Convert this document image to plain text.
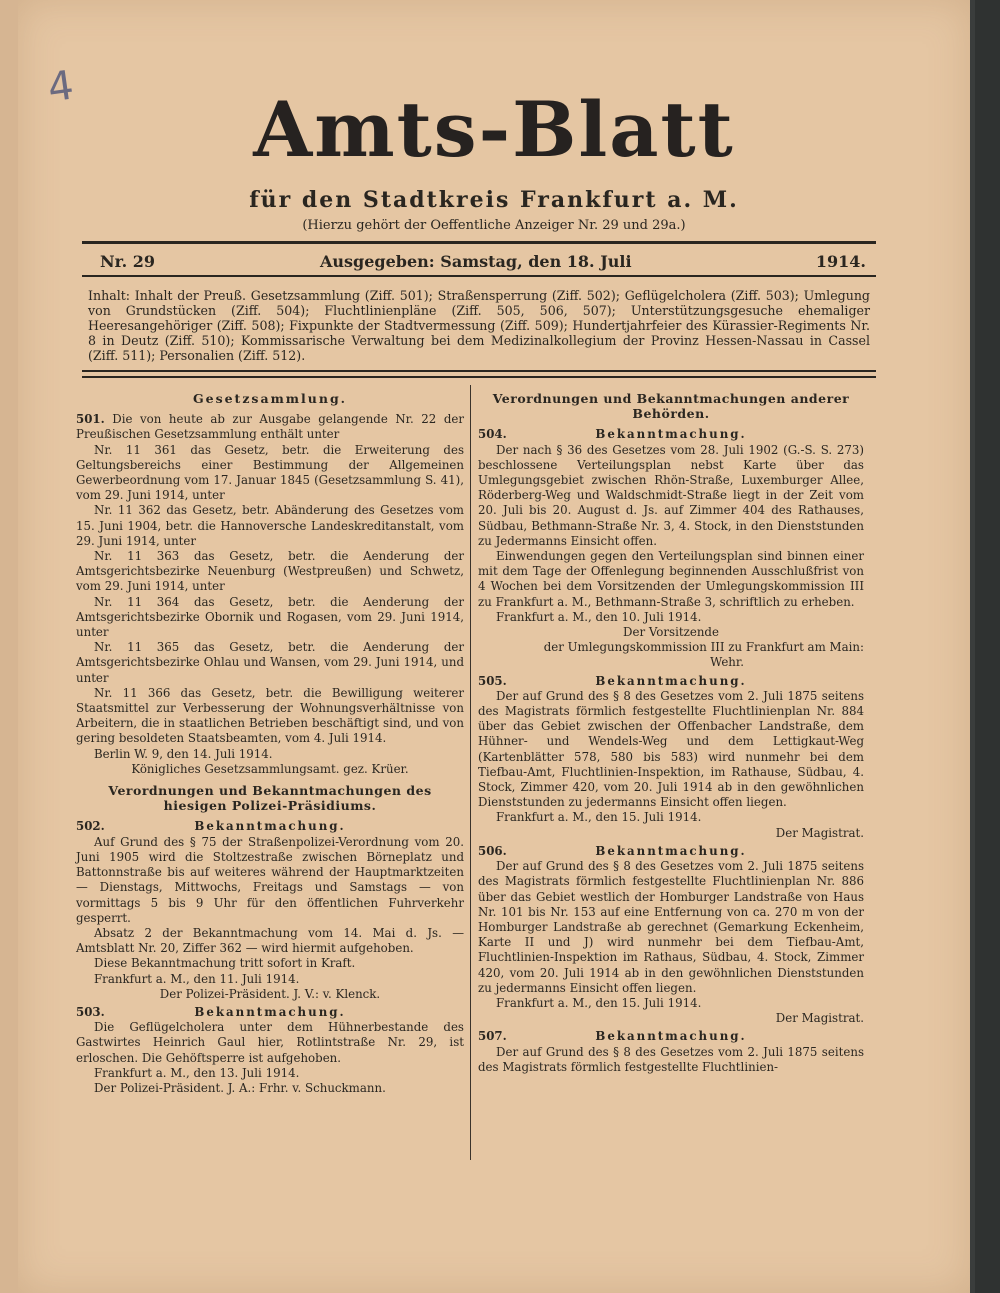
4	Amts-Blatt
für den Stadtkreis Frankfurt a. M.
(Hierzu gehört der Oeffentliche Anzeiger Nr. 29 und 29a.)
Nr. 29	Ausgegeben: Samstag, den 18. Juli	1914.
Inhalt: Inhalt der Preuß. Gesetzsammlung (Ziff. 501); Straßensperrung (Ziff. 502); Geflügelcholera (Ziff. 503); Umlegung von Grundstücken (Ziff. 504); Fluchtlinienpläne (Ziff. 505, 506, 507); Unterstützungsgesuche ehemaliger Heeresangehöriger (Ziff. 508); Fixpunkte der Stadtvermessung (Ziff. 509); Hundertjahrfeier des Kürassier-Regiments Nr. 8 in Deutz (Ziff. 510); Kommissarische Verwaltung bei dem Medizinalkollegium der Provinz Hessen-Nassau in Cassel (Ziff. 511); Personalien (Ziff. 512).
Gesetzsammlung.

501. Die von heute ab zur Ausgabe gelangende Nr. 22 der Preußischen Gesetzsammlung enthält unter

Nr. 11 361 das Gesetz, betr. die Erweiterung des Geltungsbereichs einer Bestimmung der Allgemeinen Gewerbeordnung vom 17. Januar 1845 (Gesetzsammlung S. 41), vom 29. Juni 1914, unter

Nr. 11 362 das Gesetz, betr. Abänderung des Gesetzes vom 15. Juni 1904, betr. die Hannoversche Landeskreditanstalt, vom 29. Juni 1914, unter

Nr. 11 363 das Gesetz, betr. die Aenderung der Amtsgerichtsbezirke Neuenburg (Westpreußen) und Schwetz, vom 29. Juni 1914, unter

Nr. 11 364 das Gesetz, betr. die Aenderung der Amtsgerichtsbezirke Obornik und Rogasen, vom 29. Juni 1914, unter

Nr. 11 365 das Gesetz, betr. die Aenderung der Amtsgerichtsbezirke Ohlau und Wansen, vom 29. Juni 1914, und unter

Nr. 11 366 das Gesetz, betr. die Bewilligung weiterer Staatsmittel zur Verbesserung der Wohnungsverhältnisse von Arbeitern, die in staatlichen Betrieben beschäftigt sind, und von gering besoldeten Staatsbeamten, vom 4. Juli 1914.

Berlin W. 9, den 14. Juli 1914.

Königliches Gesetzsammlungsamt. gez. Krüer.

Verordnungen und Bekanntmachungen des hiesigen Polizei-Präsidiums.
502.	Bekanntmachung.

Auf Grund des § 75 der Straßenpolizei-Verordnung vom 20. Juni 1905 wird die Stoltzestraße zwischen Börneplatz und Battonnstraße bis auf weiteres während der Hauptmarktzeiten — Dienstags, Mittwochs, Freitags und Samstags — von vormittags 5 bis 9 Uhr für den öffentlichen Fuhrverkehr gesperrt.

Absatz 2 der Bekanntmachung vom 14. Mai d. Js. — Amtsblatt Nr. 20, Ziffer 362 — wird hiermit aufgehoben.

Diese Bekanntmachung tritt sofort in Kraft.

Frankfurt a. M., den 11. Juli 1914.

Der Polizei-Präsident. J. V.: v. Klenck.

503.	Bekanntmachung.

Die Geflügelcholera unter dem Hühnerbestande des Gastwirtes Heinrich Gaul hier, Rotlintstraße Nr. 29, ist erloschen. Die Gehöftsperre ist aufgehoben.

Frankfurt a. M., den 13. Juli 1914.

Der Polizei-Präsident. J. A.: Frhr. v. Schuckmann.

Verordnungen und Bekanntmachungen anderer Behörden.
504.	Bekanntmachung.

Der nach § 36 des Gesetzes vom 28. Juli 1902 (G.-S. S. 273) beschlossene Verteilungsplan nebst Karte über das Umlegungsgebiet zwischen Rhön-Straße, Luxemburger Allee, Röderberg-Weg und Waldschmidt-Straße liegt in der Zeit vom 20. Juli bis 20. August d. Js. auf Zimmer 404 des Rathauses, Südbau, Bethmann-Straße Nr. 3, 4. Stock, in den Dienststunden zu Jedermanns Einsicht offen.

Einwendungen gegen den Verteilungsplan sind binnen einer mit dem Tage der Offenlegung beginnenden Ausschlußfrist von 4 Wochen bei dem Vorsitzenden der Umlegungskommission III zu Frankfurt a. M., Bethmann-Straße 3, schriftlich zu erheben.

Frankfurt a. M., den 10. Juli 1914.

Der Vorsitzende

der Umlegungskommission III zu Frankfurt am Main:

Wehr.

505.	Bekanntmachung.

Der auf Grund des § 8 des Gesetzes vom 2. Juli 1875 seitens des Magistrats förmlich festgestellte Fluchtlinienplan Nr. 884 über das Gebiet zwischen der Offenbacher Landstraße, dem Hühner- und Wendels-Weg und dem Lettigkaut-Weg (Kartenblätter 578, 580 bis 583) wird nunmehr bei dem Tiefbau-Amt, Fluchtlinien-Inspektion, im Rathause, Südbau, 4. Stock, Zimmer 420, vom 20. Juli 1914 ab in den gewöhnlichen Dienststunden zu jedermanns Einsicht offen liegen.

Frankfurt a. M., den 15. Juli 1914.

Der Magistrat.

506.	Bekanntmachung.

Der auf Grund des § 8 des Gesetzes vom 2. Juli 1875 seitens des Magistrats förmlich festgestellte Fluchtlinienplan Nr. 886 über das Gebiet westlich der Homburger Landstraße von Haus Nr. 101 bis Nr. 153 auf eine Entfernung von ca. 270 m von der Homburger Landstraße ab gerechnet (Gemarkung Eckenheim, Karte II und J) wird nunmehr bei dem Tiefbau-Amt, Fluchtlinien-Inspektion im Rathaus, Südbau, 4. Stock, Zimmer 420, vom 20. Juli 1914 ab in den gewöhnlichen Dienststunden zu jedermanns Einsicht offen liegen.

Frankfurt a. M., den 15. Juli 1914.

Der Magistrat.

507.	Bekanntmachung.

Der auf Grund des § 8 des Gesetzes vom 2. Juli 1875 seitens des Magistrats förmlich festgestellte Fluchtlinien-
